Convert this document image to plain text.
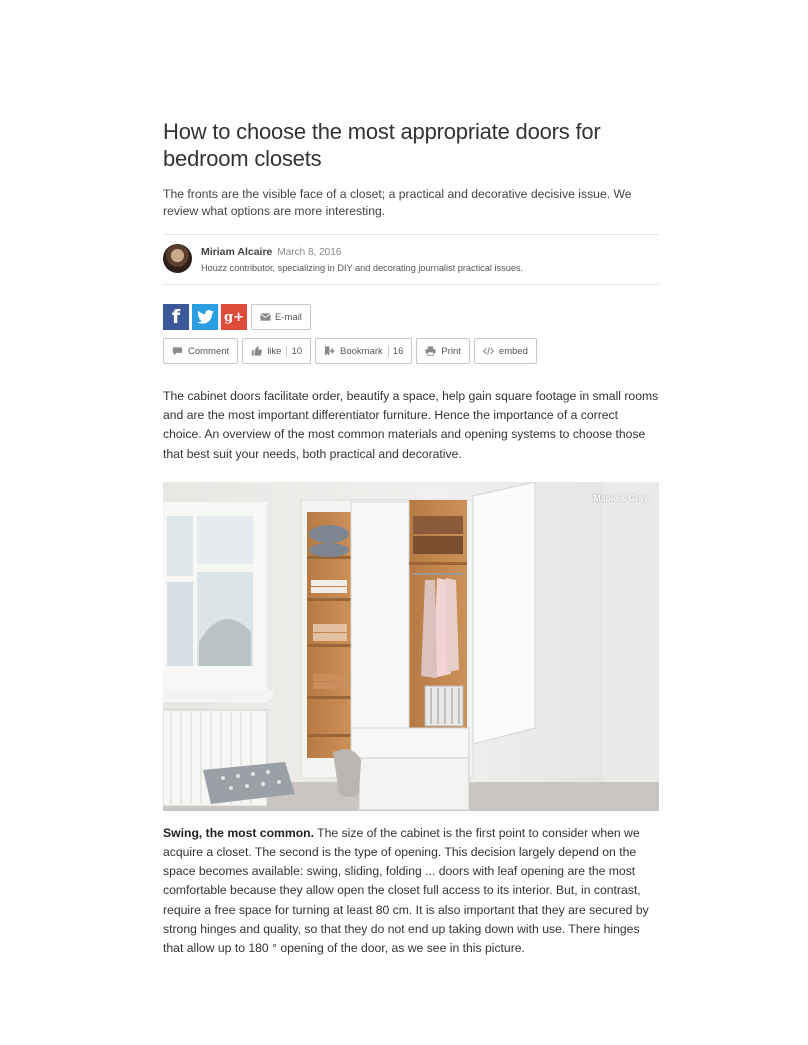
How to choose the most appropriate doors for bedroom closets

The fronts are the visible face of a closet; a practical and decorative decisive issue. We review what options are more interesting.

Miriam Alcaire March 8, 2016
Houzz contributor, specializing in DIY and decorating journalist practical issues.
f	g+	E-mail
Comment	like	10	Bookmark	16	Print	embed

The cabinet doors facilitate order, beautify a space, help gain square footage in small rooms and are the most important differentiator furniture. Hence the importance of a correct choice. An overview of the most common materials and opening systems to choose those that best suit your needs, both practical and decorative.

Maple & Gray

Swing, the most common. The size of the cabinet is the first point to consider when we acquire a closet. The second is the type of opening. This decision largely depend on the space becomes available: swing, sliding, folding ... doors with leaf opening are the most comfortable because they allow open the closet full access to its interior. But, in contrast, require a free space for turning at least 80 cm. It is also important that they are secured by strong hinges and quality, so that they do not end up taking down with use. There hinges that allow up to 180 ° opening of the door, as we see in this picture.
